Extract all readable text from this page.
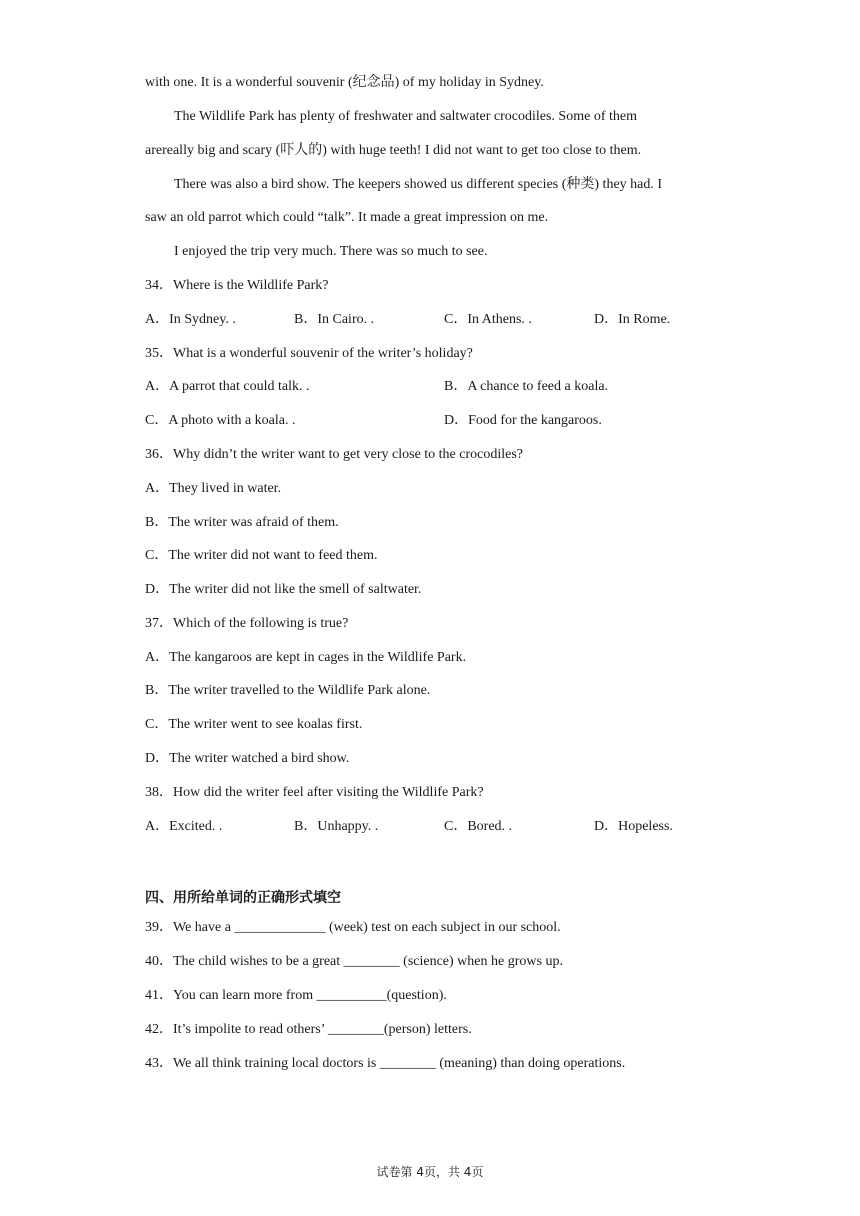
with one. It is a wonderful souvenir (纪念品) of my holiday in Sydney.
The Wildlife Park has plenty of freshwater and saltwater crocodiles. Some of them
arereally big and scary (吓人的) with huge teeth! I did not want to get too close to them.
There was also a bird show. The keepers showed us different species (种类) they had. I
saw an old parrot which could “talk”. It made a great impression on me.
I enjoyed the trip very much. There was so much to see.
34．Where is the Wildlife Park?
A．In Sydney. .	B．In Cairo. .	C．In Athens. .	D．In Rome.
35．What is a wonderful souvenir of the writer’s holiday?
A．A parrot that could talk. .	B．A chance to feed a koala.
C．A photo with a koala. .	D．Food for the kangaroos.
36．Why didn’t the writer want to get very close to the crocodiles?
A．They lived in water.
B．The writer was afraid of them.
C．The writer did not want to feed them.
D．The writer did not like the smell of saltwater.
37．Which of the following is true?
A．The kangaroos are kept in cages in the Wildlife Park.
B．The writer travelled to the Wildlife Park alone.
C．The writer went to see koalas first.
D．The writer watched a bird show.
38．How did the writer feel after visiting the Wildlife Park?
A．Excited. .	B．Unhappy. .	C．Bored. .	D．Hopeless.
四、用所给单词的正确形式填空
39．We have a _____________ (week) test on each subject in our school.
40．The child wishes to be a great ________ (science) when he grows up.
41．You can learn more from __________(question).
42．It’s impolite to read others’ ________(person) letters.
43．We all think training local doctors is ________ (meaning) than doing operations.
试卷第 4页，共 4页
